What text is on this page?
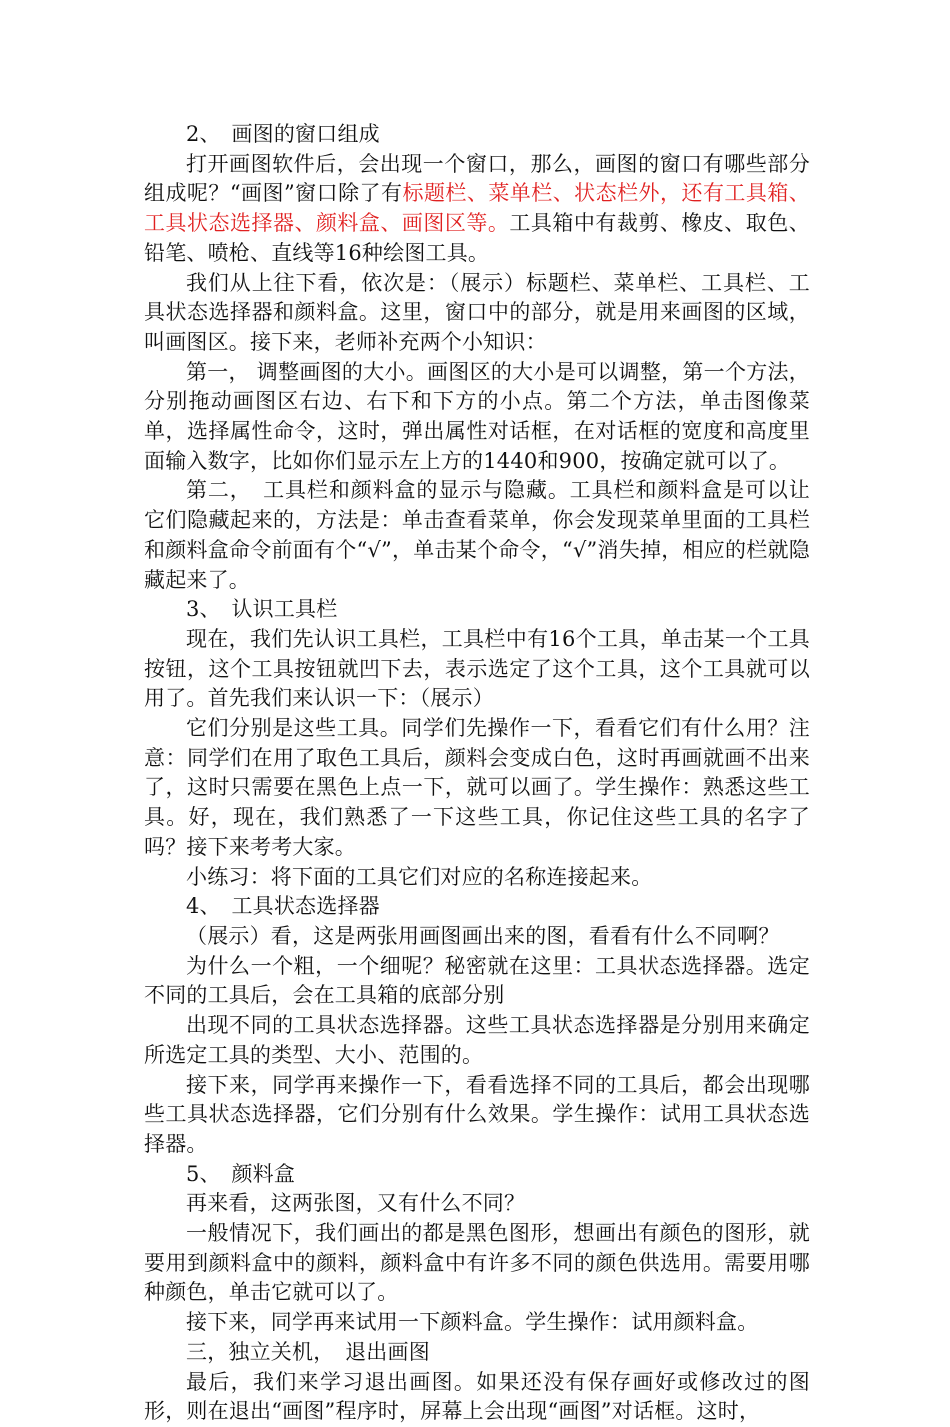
2、　画图的窗口组成

打开画图软件后，会出现一个窗口，那么，画图的窗口有哪些部分组成呢？“画图”窗口除了有标题栏、菜单栏、状态栏外，还有工具箱、工具状态选择器、颜料盒、画图区等。工具箱中有裁剪、橡皮、取色、铅笔、喷枪、直线等16种绘图工具。

我们从上往下看，依次是：（展示）标题栏、菜单栏、工具栏、工具状态选择器和颜料盒。这里，窗口中的部分，就是用来画图的区域，叫画图区。接下来，老师补充两个小知识：

第一， 调整画图的大小。画图区的大小是可以调整，第一个方法，分别拖动画图区右边、右下和下方的小点。第二个方法，单击图像菜单，选择属性命令，这时，弹出属性对话框，在对话框的宽度和高度里面输入数字，比如你们显示左上方的1440和900，按确定就可以了。

第二，　工具栏和颜料盒的显示与隐藏。工具栏和颜料盒是可以让它们隐藏起来的，方法是：单击查看菜单，你会发现菜单里面的工具栏和颜料盒命令前面有个“√”，单击某个命令，“√”消失掉，相应的栏就隐藏起来了。

3、　认识工具栏

现在，我们先认识工具栏，工具栏中有16个工具，单击某一个工具按钮，这个工具按钮就凹下去，表示选定了这个工具，这个工具就可以用了。首先我们来认识一下：（展示）

它们分别是这些工具。同学们先操作一下，看看它们有什么用？注意：同学们在用了取色工具后，颜料会变成白色，这时再画就画不出来了，这时只需要在黑色上点一下，就可以画了。学生操作：熟悉这些工具。好，现在，我们熟悉了一下这些工具，你记住这些工具的名字了吗？接下来考考大家。

小练习：将下面的工具它们对应的名称连接起来。

4、　工具状态选择器

（展示）看，这是两张用画图画出来的图，看看有什么不同啊？

为什么一个粗，一个细呢？秘密就在这里：工具状态选择器。选定不同的工具后，会在工具箱的底部分别

出现不同的工具状态选择器。这些工具状态选择器是分别用来确定所选定工具的类型、大小、范围的。

接下来，同学再来操作一下，看看选择不同的工具后，都会出现哪些工具状态选择器，它们分别有什么效果。学生操作：试用工具状态选择器。

5、　颜料盒

再来看，这两张图，又有什么不同？

一般情况下，我们画出的都是黑色图形，想画出有颜色的图形，就要用到颜料盒中的颜料，颜料盒中有许多不同的颜色供选用。需要用哪种颜色，单击它就可以了。

接下来，同学再来试用一下颜料盒。学生操作：试用颜料盒。

三，独立关机，　退出画图

最后，我们来学习退出画图。如果还没有保存画好或修改过的图形，则在退出“画图”程序时，屏幕上会出现“画图”对话框。这时，
